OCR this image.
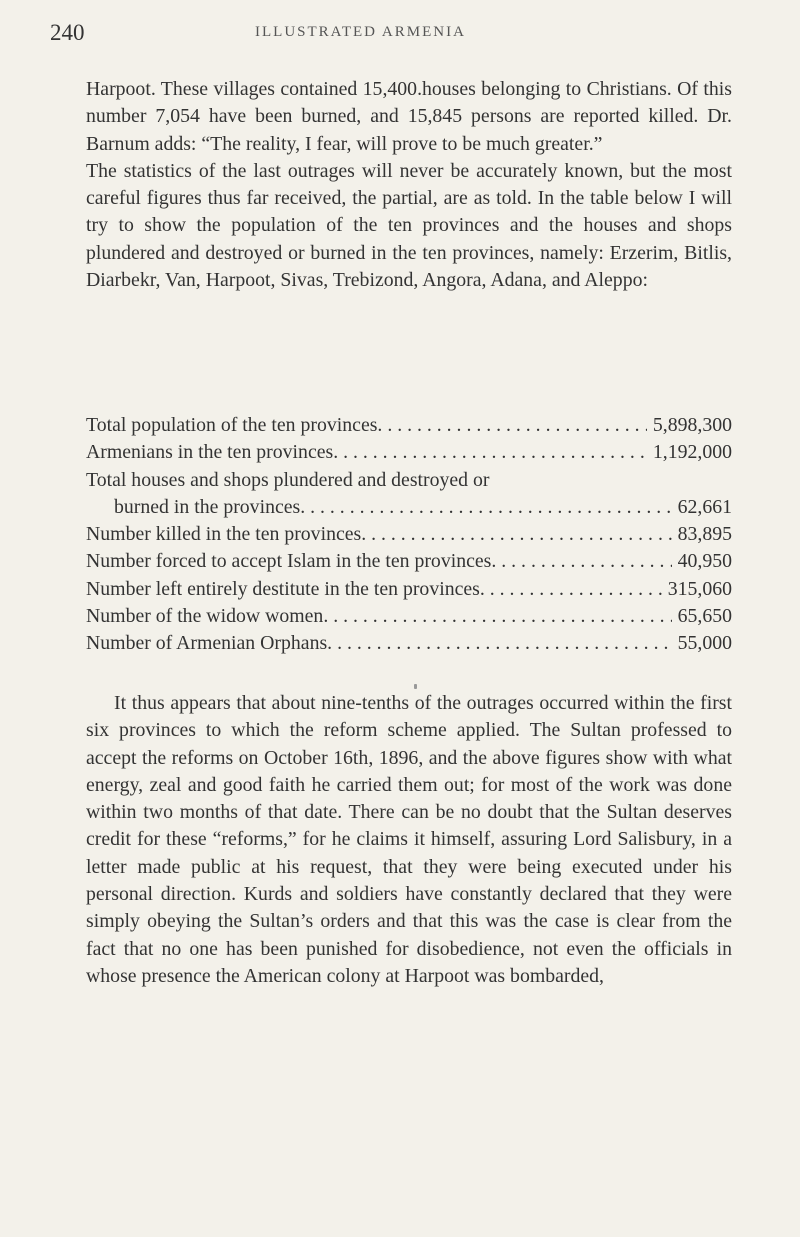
240	ILLUSTRATED ARMENIA

Harpoot. These villages contained 15,400.houses belonging to Christians. Of this number 7,054 have been burned, and 15,845 persons are reported killed. Dr. Barnum adds: “The reality, I fear, will prove to be much greater.”
The statistics of the last outrages will never be accurately known, but the most careful figures thus far received, the partial, are as told. In the table below I will try to show the population of the ten provinces and the houses and shops plundered and destroyed or burned in the ten provinces, namely: Erzerim, Bitlis, Diarbekr, Van, Harpoot, Sivas, Trebizond, Angora, Adana, and Aleppo:

Total population of the ten provinces . . .	5,898,300
Armenians in the ten provinces . . .	1,192,000
Total houses and shops plundered and destroyed or
burned in the provinces . . .	62,661
Number killed in the ten provinces . . .	83,895
Number forced to accept Islam in the ten provinces . . .	40,950
Number left entirely destitute in the ten provinces . . .	315,060
Number of the widow women . . .	65,650
Number of Armenian Orphans . . .	55,000

It thus appears that about nine-tenths of the outrages occurred within the first six provinces to which the reform scheme applied. The Sultan professed to accept the reforms on October 16th, 1896, and the above figures show with what energy, zeal and good faith he carried them out; for most of the work was done within two months of that date. There can be no doubt that the Sultan deserves credit for these “reforms,” for he claims it himself, assuring Lord Salisbury, in a letter made public at his request, that they were being executed under his personal direction. Kurds and soldiers have constantly declared that they were simply obeying the Sultan’s orders and that this was the case is clear from the fact that no one has been punished for disobedience, not even the officials in whose presence the American colony at Harpoot was bombarded,
